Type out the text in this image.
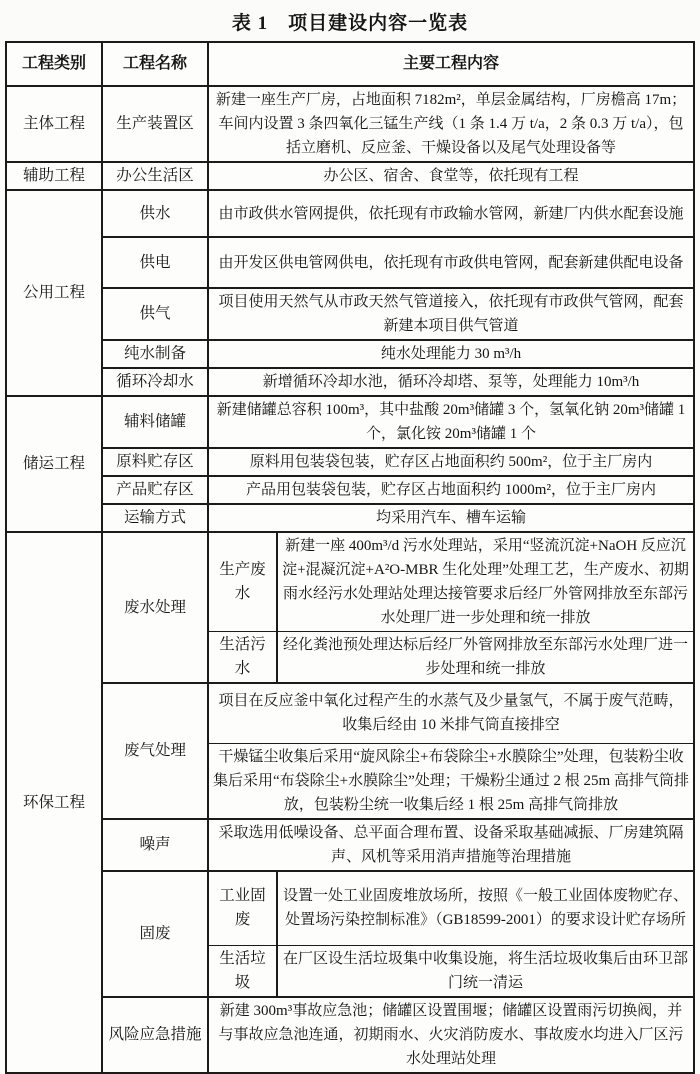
表 1　项目建设内容一览表
工程类别	工程名称	主要工程内容	
主体工程	生产装置区	新建一座生产厂房，占地面积 7182m²，单层金属结构，厂房檐高 17m；车间内设置 3 条四氧化三锰生产线（1 条 1.4 万 t/a，2 条 0.3 万 t/a），包括立磨机、反应釜、干燥设备以及尾气处理设备等	
辅助工程	办公生活区	办公区、宿舍、食堂等，依托现有工程	
公用工程	供水	由市政供水管网提供，依托现有市政输水管网，新建厂内供水配套设施	
	供电	由开发区供电管网供电，依托现有市政供电管网，配套新建供配电设备	
	供气	项目使用天然气从市政天然气管道接入，依托现有市政供气管网，配套新建本项目供气管道	
	纯水制备	纯水处理能力 30 m³/h	
	循环冷却水	新增循环冷却水池，循环冷却塔、泵等，处理能力 10m³/h	
储运工程	辅料储罐	新建储罐总容积 100m³，其中盐酸 20m³储罐 3 个，氢氧化钠 20m³储罐 1 个，氯化铵 20m³储罐 1 个	
	原料贮存区	原料用包装袋包装，贮存区占地面积约 500m²，位于主厂房内	
	产品贮存区	产品用包装袋包装，贮存区占地面积约 1000m²，位于主厂房内	
	运输方式	均采用汽车、槽车运输	
环保工程	废水处理	生产废水	新建一座 400m³/d 污水处理站，采用“竖流沉淀+NaOH 反应沉淀+混凝沉淀+A²O-MBR 生化处理”处理工艺，生产废水、初期雨水经污水处理站处理达接管要求后经厂外管网排放至东部污水处理厂进一步处理和统一排放
		生活污水	经化粪池预处理达标后经厂外管网排放至东部污水处理厂进一步处理和统一排放
	废气处理	项目在反应釜中氧化过程产生的水蒸气及少量氢气，不属于废气范畴，收集后经由 10 米排气筒直接排空	
		干燥锰尘收集后采用“旋风除尘+布袋除尘+水膜除尘”处理，包装粉尘收集后采用“布袋除尘+水膜除尘”处理；干燥粉尘通过 2 根 25m 高排气筒排放，包装粉尘统一收集后经 1 根 25m 高排气筒排放	
	噪声	采取选用低噪设备、总平面合理布置、设备采取基础减振、厂房建筑隔声、风机等采用消声措施等治理措施	
	固废	工业固废	设置一处工业固废堆放场所，按照《一般工业固体废物贮存、处置场污染控制标准》（GB18599-2001）的要求设计贮存场所
		生活垃圾	在厂区设生活垃圾集中收集设施，将生活垃圾收集后由环卫部门统一清运
	风险应急措施	新建 300m³事故应急池；储罐区设置围堰；储罐区设置雨污切换阀，并与事故应急池连通，初期雨水、火灾消防废水、事故废水均进入厂区污水处理站处理	
